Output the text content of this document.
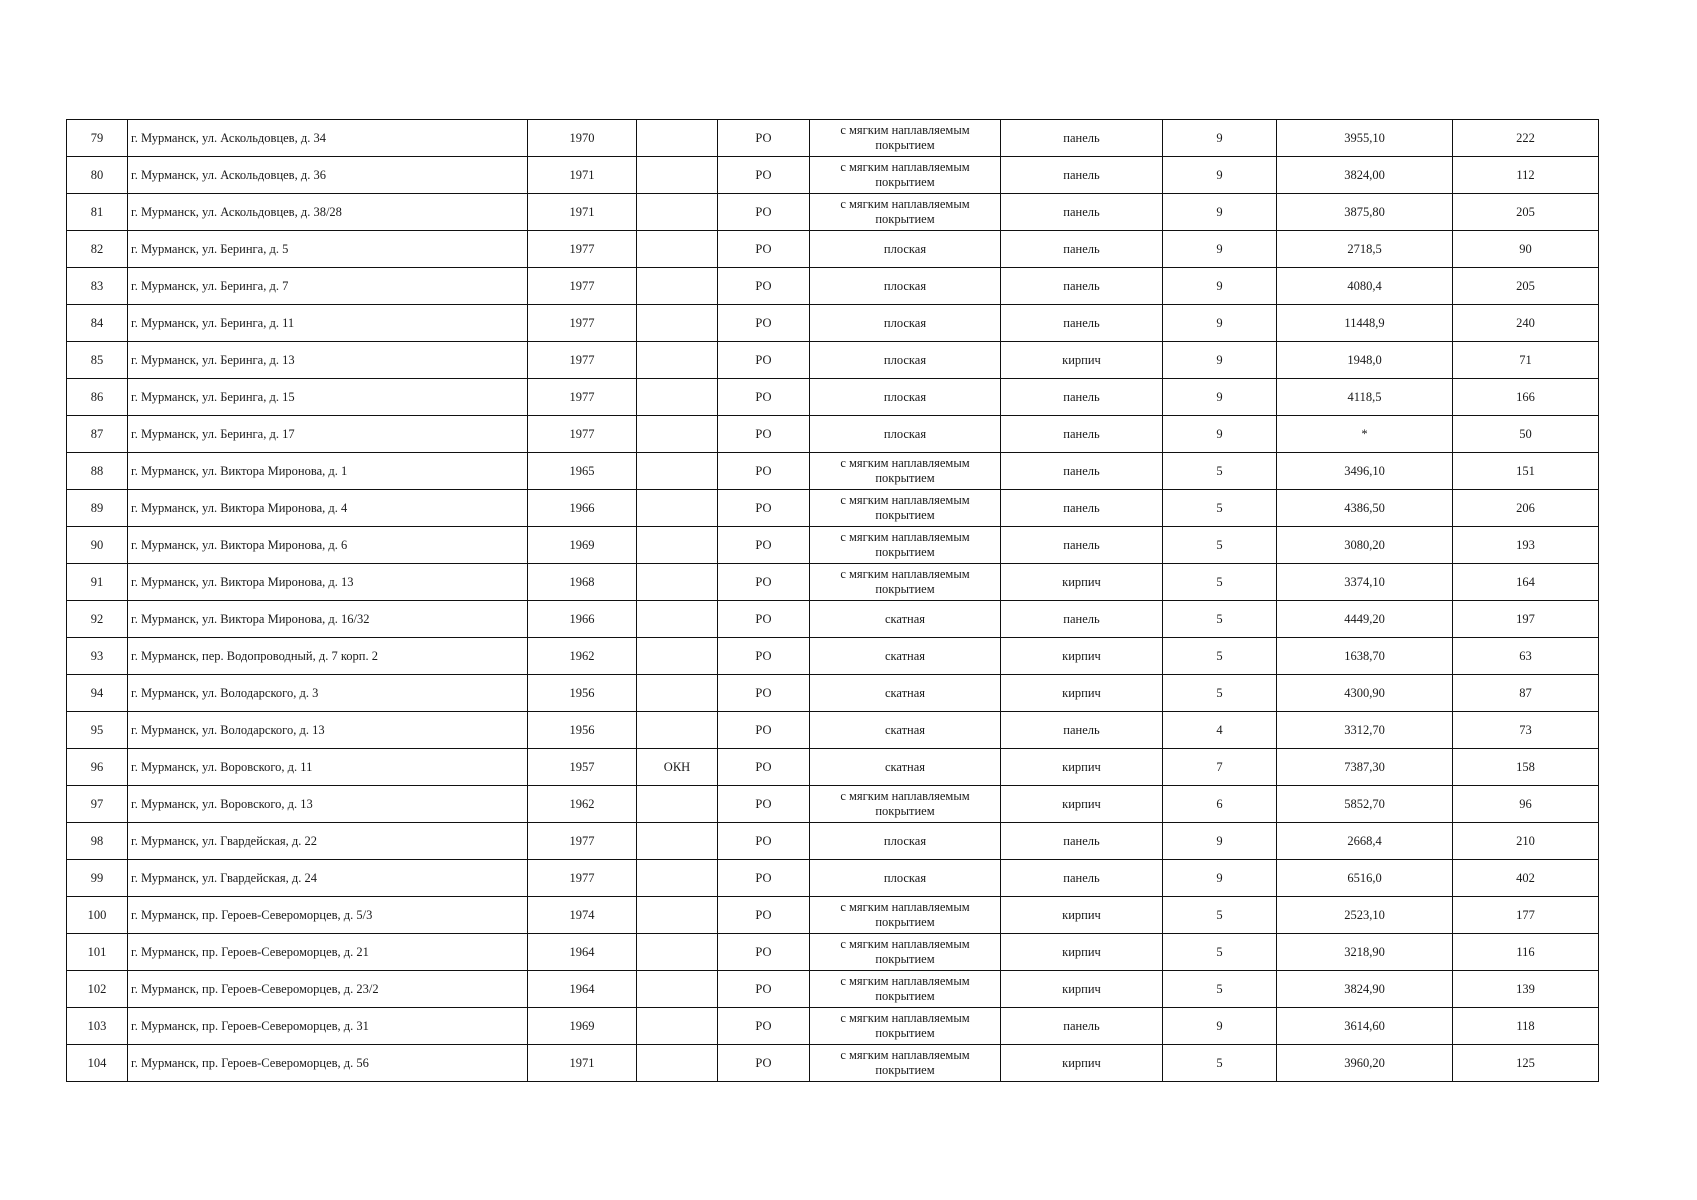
79	г. Мурманск, ул. Аскольдовцев, д. 34	1970		РО	с мягким наплавляемым покрытием	панель	9	3955,10	222
80	г. Мурманск, ул. Аскольдовцев, д. 36	1971		РО	с мягким наплавляемым покрытием	панель	9	3824,00	112
81	г. Мурманск, ул. Аскольдовцев, д. 38/28	1971		РО	с мягким наплавляемым покрытием	панель	9	3875,80	205
82	г. Мурманск, ул. Беринга, д. 5	1977		РО	плоская	панель	9	2718,5	90
83	г. Мурманск, ул. Беринга, д. 7	1977		РО	плоская	панель	9	4080,4	205
84	г. Мурманск, ул. Беринга, д. 11	1977		РО	плоская	панель	9	11448,9	240
85	г. Мурманск, ул. Беринга, д. 13	1977		РО	плоская	кирпич	9	1948,0	71
86	г. Мурманск, ул. Беринга, д. 15	1977		РО	плоская	панель	9	4118,5	166
87	г. Мурманск, ул. Беринга, д. 17	1977		РО	плоская	панель	9	*	50
88	г. Мурманск, ул. Виктора Миронова, д. 1	1965		РО	с мягким наплавляемым покрытием	панель	5	3496,10	151
89	г. Мурманск, ул. Виктора Миронова, д. 4	1966		РО	с мягким наплавляемым покрытием	панель	5	4386,50	206
90	г. Мурманск, ул. Виктора Миронова, д. 6	1969		РО	с мягким наплавляемым покрытием	панель	5	3080,20	193
91	г. Мурманск, ул. Виктора Миронова, д. 13	1968		РО	с мягким наплавляемым покрытием	кирпич	5	3374,10	164
92	г. Мурманск, ул. Виктора Миронова, д. 16/32	1966		РО	скатная	панель	5	4449,20	197
93	г. Мурманск, пер. Водопроводный, д. 7 корп. 2	1962		РО	скатная	кирпич	5	1638,70	63
94	г. Мурманск, ул. Володарского, д. 3	1956		РО	скатная	кирпич	5	4300,90	87
95	г. Мурманск, ул. Володарского, д. 13	1956		РО	скатная	панель	4	3312,70	73
96	г. Мурманск, ул. Воровского, д. 11	1957	ОКН	РО	скатная	кирпич	7	7387,30	158
97	г. Мурманск, ул. Воровского, д. 13	1962		РО	с мягким наплавляемым покрытием	кирпич	6	5852,70	96
98	г. Мурманск, ул. Гвардейская, д. 22	1977		РО	плоская	панель	9	2668,4	210
99	г. Мурманск, ул. Гвардейская, д. 24	1977		РО	плоская	панель	9	6516,0	402
100	г. Мурманск, пр. Героев-Североморцев, д. 5/3	1974		РО	с мягким наплавляемым покрытием	кирпич	5	2523,10	177
101	г. Мурманск, пр. Героев-Североморцев, д. 21	1964		РО	с мягким наплавляемым покрытием	кирпич	5	3218,90	116
102	г. Мурманск, пр. Героев-Североморцев, д. 23/2	1964		РО	с мягким наплавляемым покрытием	кирпич	5	3824,90	139
103	г. Мурманск, пр. Героев-Североморцев, д. 31	1969		РО	с мягким наплавляемым покрытием	панель	9	3614,60	118
104	г. Мурманск, пр. Героев-Североморцев, д. 56	1971		РО	с мягким наплавляемым покрытием	кирпич	5	3960,20	125
